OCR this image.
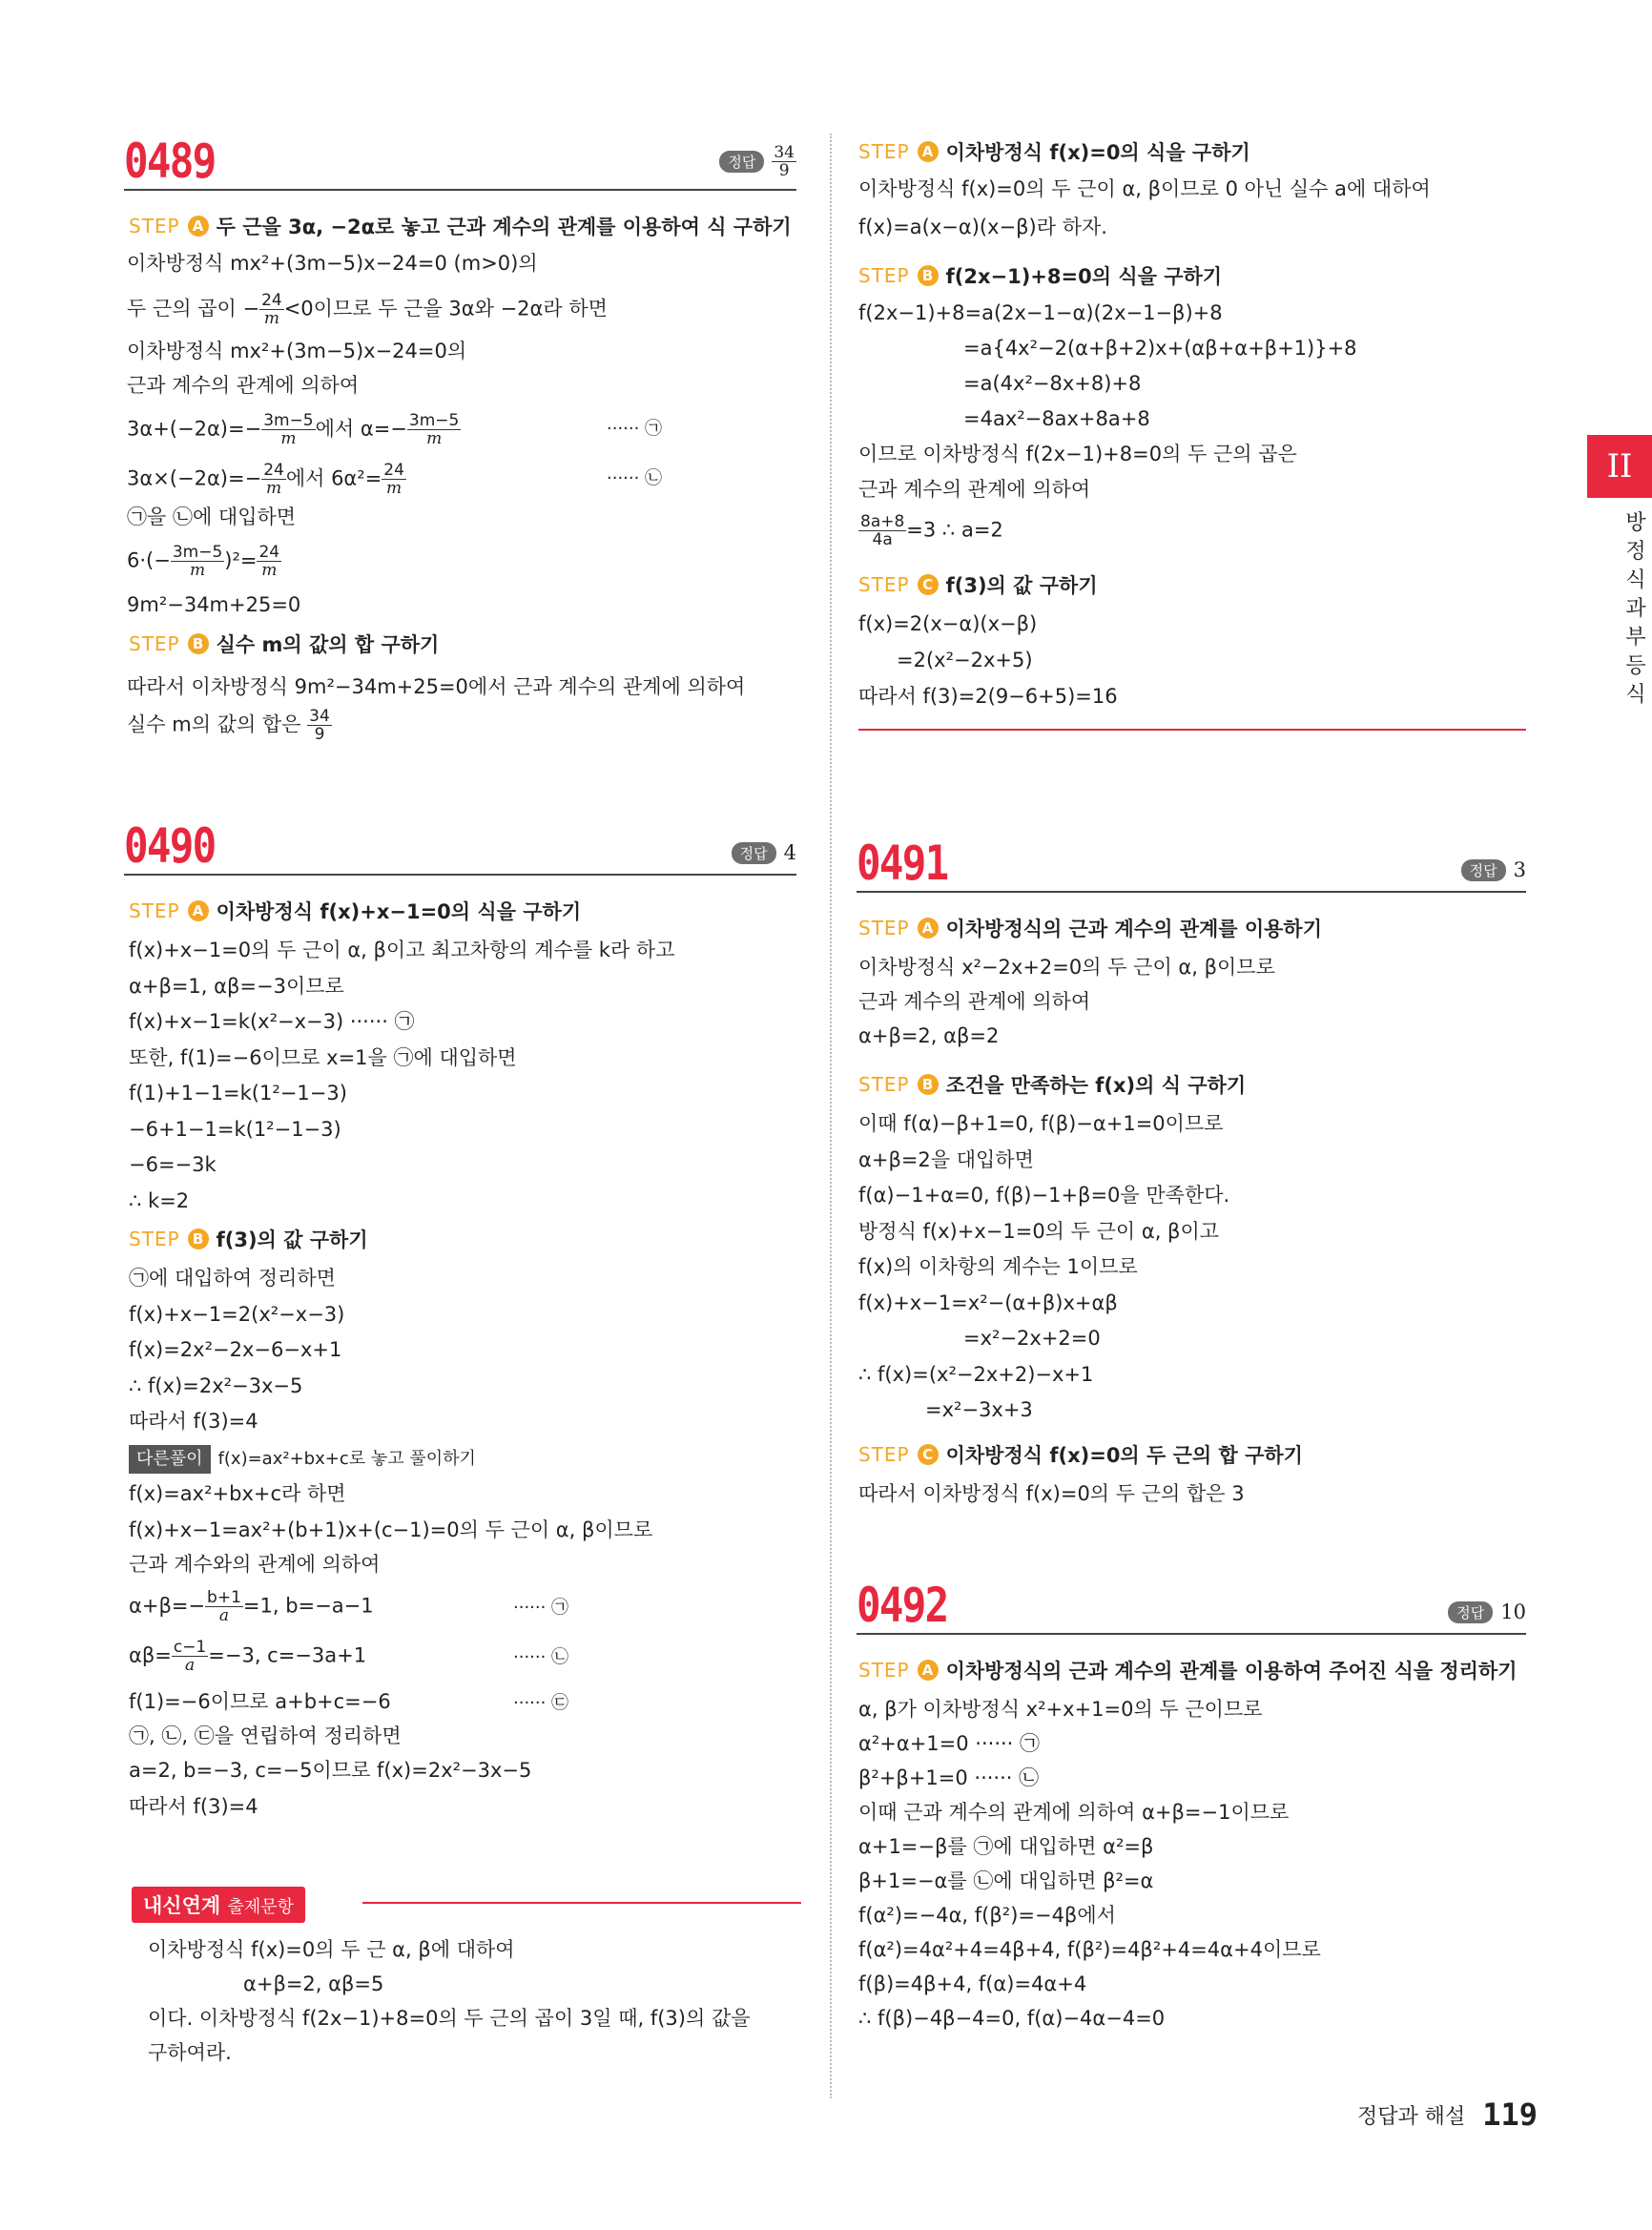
0489	정답	$\frac{34}{9}$
STEP A 두 근을 3α, −2α로 놓고 근과 계수의 관계를 이용하여 식 구하기
이차방정식 mx²+(3m−5)x−24=0 (m>0)의
두 근의 곱이 − $\frac{24}{m} <0$이므로 두 근을 3α와 −2α라 하면
이차방정식 mx²+(3m−5)x−24=0의
근과 계수의 관계에 의하여
$3\alpha+(-2\alpha)=- \frac{3m-5}{m}$ 에서 $\alpha=- \frac{3m-5}{m}$	······ ㉠
$3\alpha\times(-2\alpha)=- \frac{24}{m}$ 에서 $6\alpha^2= \frac{24}{m}$	······ ㉡
㉠을 ㉡에 대입하면
$6\cdot(- \frac{3m-5}{m} )^2= \frac{24}{m}$
9m²−34m+25=0
STEP B 실수 m의 값의 합 구하기
따라서 이차방정식 9m²−34m+25=0에서 근과 계수의 관계에 의하여
실수 m의 값의 합은 $\frac{34}{9}$
0490	정답 4
STEP A 이차방정식 f(x)+x−1=0의 식을 구하기
f(x)+x−1=0의 두 근이 α, β이고 최고차항의 계수를 k라 하고
α+β=1, αβ=−3이므로
f(x)+x−1=k(x²−x−3) ······ ㉠
또한, f(1)=−6이므로 x=1을 ㉠에 대입하면
f(1)+1−1=k(1²−1−3)
−6+1−1=k(1²−1−3)
−6=−3k
∴ k=2
STEP B f(3)의 값 구하기
㉠에 대입하여 정리하면
f(x)+x−1=2(x²−x−3)
f(x)=2x²−2x−6−x+1
∴ f(x)=2x²−3x−5
따라서 f(3)=4
다른풀이 f(x)=ax²+bx+c로 놓고 풀이하기
f(x)=ax²+bx+c라 하면
f(x)+x−1=ax²+(b+1)x+(c−1)=0의 두 근이 α, β이므로
근과 계수와의 관계에 의하여
$\alpha+\beta=- \frac{b+1}{a} =1$, b=−a−1	······ ㉠
$\alpha\beta= \frac{c-1}{a} =-3$, c=−3a+1	······ ㉡
f(1)=−6이므로 a+b+c=−6	······ ㉢
㉠, ㉡, ㉢을 연립하여 정리하면
a=2, b=−3, c=−5이므로 f(x)=2x²−3x−5
따라서 f(3)=4
내신연계 출제문항
이차방정식 f(x)=0의 두 근 α, β에 대하여
α+β=2, αβ=5
이다. 이차방정식 f(2x−1)+8=0의 두 근의 곱이 3일 때, f(3)의 값을
구하여라.
STEP A 이차방정식 f(x)=0의 식을 구하기
이차방정식 f(x)=0의 두 근이 α, β이므로 0 아닌 실수 a에 대하여
f(x)=a(x−α)(x−β)라 하자.
STEP B f(2x−1)+8=0의 식을 구하기
f(2x−1)+8=a(2x−1−α)(2x−1−β)+8
=a{4x²−2(α+β+2)x+(αβ+α+β+1)}+8
=a(4x²−8x+8)+8
=4ax²−8ax+8a+8
이므로 이차방정식 f(2x−1)+8=0의 두 근의 곱은
근과 계수의 관계에 의하여
$\frac{8a+8}{4a} =3$ ∴ a=2
STEP C f(3)의 값 구하기
f(x)=2(x−α)(x−β)
=2(x²−2x+5)
따라서 f(3)=2(9−6+5)=16
0491	정답 3
STEP A 이차방정식의 근과 계수의 관계를 이용하기
이차방정식 x²−2x+2=0의 두 근이 α, β이므로
근과 계수의 관계에 의하여
α+β=2, αβ=2
STEP B 조건을 만족하는 f(x)의 식 구하기
이때 f(α)−β+1=0, f(β)−α+1=0이므로
α+β=2을 대입하면
f(α)−1+α=0, f(β)−1+β=0을 만족한다.
방정식 f(x)+x−1=0의 두 근이 α, β이고
f(x)의 이차항의 계수는 1이므로
f(x)+x−1=x²−(α+β)x+αβ
=x²−2x+2=0
∴ f(x)=(x²−2x+2)−x+1
=x²−3x+3
STEP C 이차방정식 f(x)=0의 두 근의 합 구하기
따라서 이차방정식 f(x)=0의 두 근의 합은 3
0492	정답 10
STEP A 이차방정식의 근과 계수의 관계를 이용하여 주어진 식을 정리하기
α, β가 이차방정식 x²+x+1=0의 두 근이므로
α²+α+1=0 ······ ㉠
β²+β+1=0 ······ ㉡
이때 근과 계수의 관계에 의하여 α+β=−1이므로
α+1=−β를 ㉠에 대입하면 α²=β
β+1=−α를 ㉡에 대입하면 β²=α
f(α²)=−4α, f(β²)=−4β에서
f(α²)=4α²+4=4β+4, f(β²)=4β²+4=4α+4이므로
f(β)=4β+4, f(α)=4α+4
∴ f(β)−4β−4=0, f(α)−4α−4=0
II
방
정
식
과
부
등
식
정답과 해설 119
